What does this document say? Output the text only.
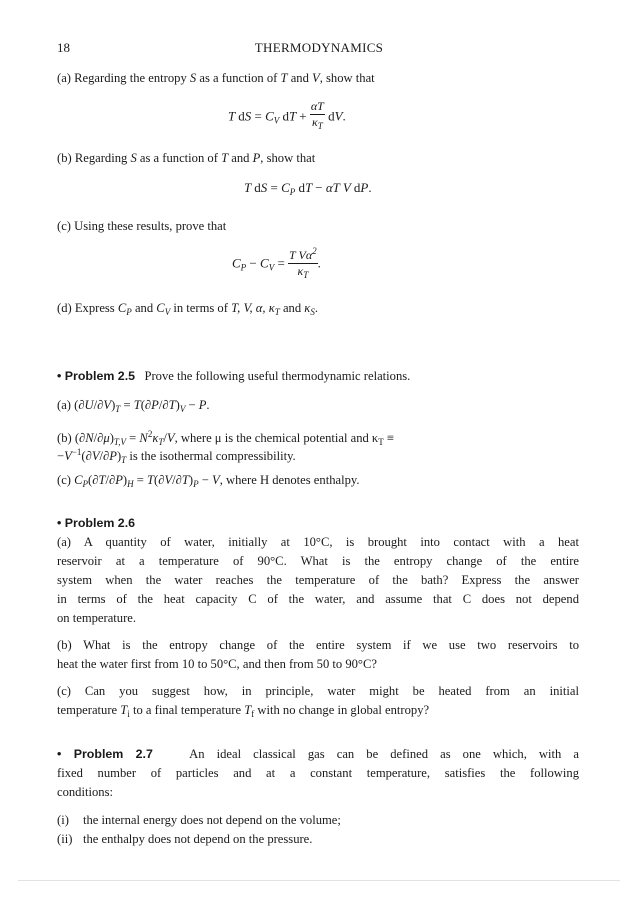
18	THERMODYNAMICS
(a) Regarding the entropy S as a function of T and V, show that
T dS = $C_V$ dT + $\frac{\alpha T}{\kappa_T}$ dV.
(b) Regarding S as a function of T and P, show that
T dS = $C_P$ dT − αT V dP.
(c) Using these results, prove that
$C_P - C_V = \frac{T V\alpha^2}{\kappa_T}$ .
(d) Express $C_P$ and $C_V$ in terms of T, V, α, $\kappa_T$ and $\kappa_S$.
• Problem 2.5 Prove the following useful thermodynamic relations.
(a) $(\partial U/\partial V)_T = T(\partial P/\partial T)_V - P$.
(b) $(\partial N/\partial\mu)_{T,V} = N^2\kappa_T/V$, where μ is the chemical potential and $\kappa_T$ ≡
$-V^{-1}(\partial V/\partial P)_T$ is the isothermal compressibility.
(c) $C_P(\partial T/\partial P)_H = T(\partial V/\partial T)_P - V$, where H denotes enthalpy.
• Problem 2.6
(a) A quantity of water, initially at 10°C, is brought into contact with a heat
reservoir at a temperature of 90°C. What is the entropy change of the entire
system when the water reaches the temperature of the bath? Express the answer
in terms of the heat capacity C of the water, and assume that C does not depend
on temperature.
(b) What is the entropy change of the entire system if we use two reservoirs to
heat the water first from 10 to 50°C, and then from 50 to 90°C?
(c) Can you suggest how, in principle, water might be heated from an initial
temperature $T_i$ to a final temperature $T_f$ with no change in global entropy?
• Problem 2.7	An ideal classical gas can be defined as one which, with a
fixed number of particles and at a constant temperature, satisfies the following
conditions:
(i) the internal energy does not depend on the volume;
(ii) the enthalpy does not depend on the pressure.
